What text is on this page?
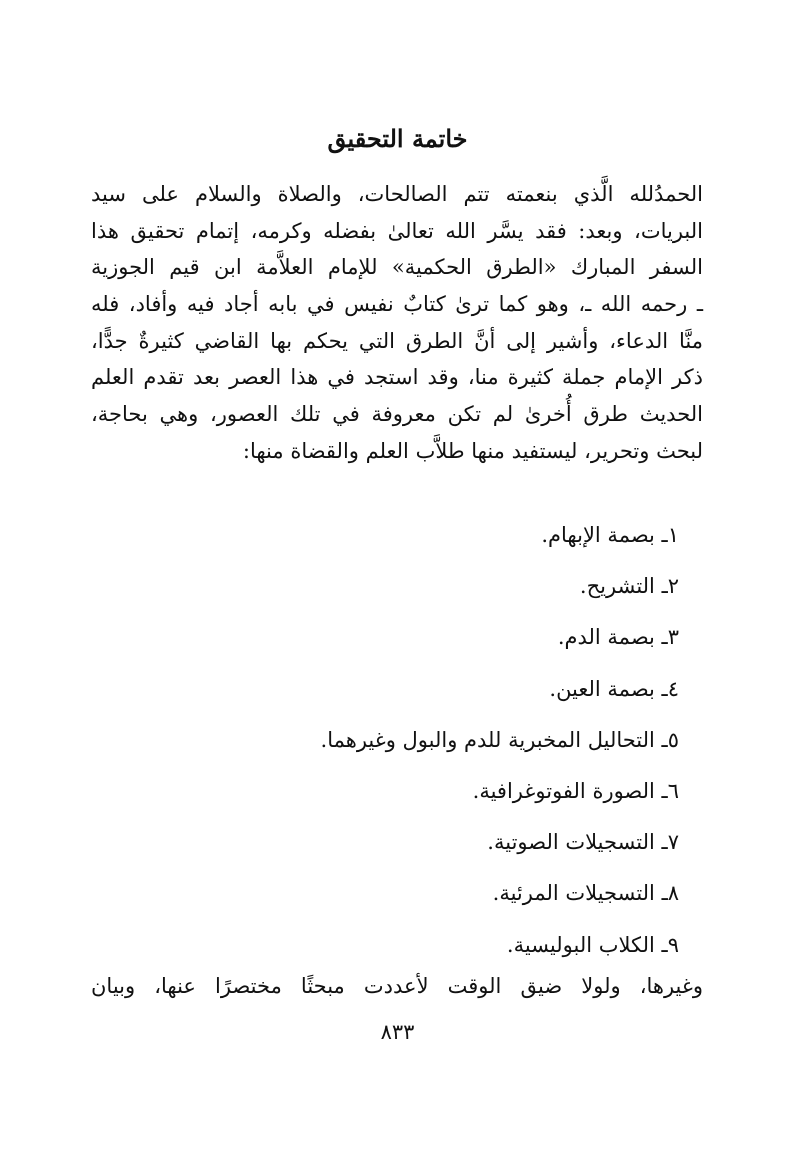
خاتمة التحقيق
الحمدُلله الَّذي بنعمته تتم الصالحات، والصلاة والسلام على سيد
البريات، وبعد: فقد يسَّر الله تعالىٰ بفضله وكرمه، إتمام تحقيق هذا
السفر المبارك «الطرق الحكمية» للإمام العلاَّمة ابن قيم الجوزية
ـ رحمه الله ـ، وهو كما ترىٰ كتابٌ نفيس في بابه أجاد فيه وأفاد، فله
منَّا الدعاء، وأشير إلى أنَّ الطرق التي يحكم بها القاضي كثيرةٌ جدًّا،
ذكر الإمام جملة كثيرة منا، وقد استجد في هذا العصر بعد تقدم العلم
الحديث طرق أُخرىٰ لم تكن معروفة في تلك العصور، وهي بحاجة،
لبحث وتحرير، ليستفيد منها طلاَّب العلم والقضاة منها:
١ـ بصمة الإبهام.
٢ـ التشريح.
٣ـ بصمة الدم.
٤ـ بصمة العين.
٥ـ التحاليل المخبرية للدم والبول وغيرهما.
٦ـ الصورة الفوتوغرافية.
٧ـ التسجيلات الصوتية.
٨ـ التسجيلات المرئية.
٩ـ الكلاب البوليسية.
وغيرها، ولولا ضيق الوقت لأعددت مبحثًا مختصرًا عنها، وبيان
٨٣٣
